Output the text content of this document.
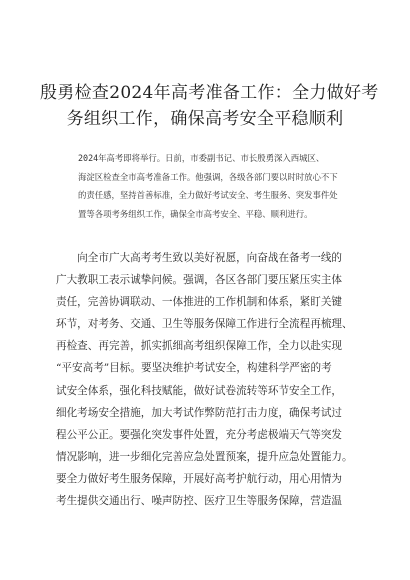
殷勇检查2024年高考准备工作：全力做好考
务组织工作，确保高考安全平稳顺利
2024年高考即将举行。日前，市委副书记、市长殷勇深入西城区、
海淀区检查全市高考准备工作。他强调，各级各部门要以时时放心不下
的责任感，坚持首善标准，全力做好考试安全、考生服务、突发事件处
置等各项考务组织工作，确保全市高考安全、平稳、顺利进行。
　　向全市广大高考考生致以美好祝愿，向奋战在备考一线的
广大教职工表示诚挚问候。强调，各区各部门要压紧压实主体
责任，完善协调联动、一体推进的工作机制和体系，紧盯关键
环节，对考务、交通、卫生等服务保障工作进行全流程再梳理、
再检查、再完善，抓实抓细高考组织保障工作，全力以赴实现
“平安高考”目标。要坚决维护考试安全，构建科学严密的考
试安全体系，强化科技赋能，做好试卷流转等环节安全工作，
细化考场安全措施，加大考试作弊防范打击力度，确保考试过
程公平公正。要强化突发事件处置，充分考虑极端天气等突发
情况影响，进一步细化完善应急处置预案，提升应急处置能力。
要全力做好考生服务保障，开展好高考护航行动，用心用情为
考生提供交通出行、噪声防控、医疗卫生等服务保障，营造温
